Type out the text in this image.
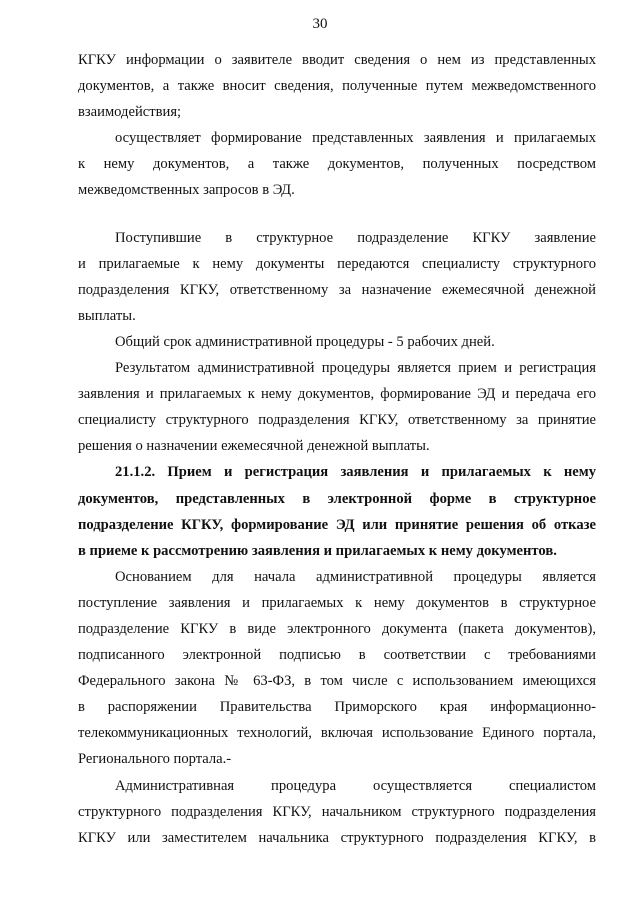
30
КГКУ информации о заявителе вводит сведения о нем из представленных
документов, а также вносит сведения, полученные путем межведомственного
взаимодействия;
осуществляет формирование представленных заявления и прилагаемых
к нему документов, а также документов, полученных посредством
межведомственных запросов в ЭД.
Поступившие в структурное подразделение КГКУ заявление
и прилагаемые к нему документы передаются специалисту структурного
подразделения КГКУ, ответственному за назначение ежемесячной денежной
выплаты.
Общий срок административной процедуры - 5 рабочих дней.
Результатом административной процедуры является прием и регистрация
заявления и прилагаемых к нему документов, формирование ЭД и передача его
специалисту структурного подразделения КГКУ, ответственному за принятие
решения о назначении ежемесячной денежной выплаты.
21.1.2. Прием и регистрация заявления и прилагаемых к нему
документов, представленных в электронной форме в структурное
подразделение КГКУ, формирование ЭД или принятие решения об отказе
в приеме к рассмотрению заявления и прилагаемых к нему документов.
Основанием для начала административной процедуры является
поступление заявления и прилагаемых к нему документов в структурное
подразделение КГКУ в виде электронного документа (пакета документов),
подписанного электронной подписью в соответствии с требованиями
Федерального закона № 63-ФЗ, в том числе с использованием имеющихся
в распоряжении Правительства Приморского края информационно-
телекоммуникационных технологий, включая использование Единого портала,
Регионального портала.-
Административная процедура осуществляется специалистом
структурного подразделения КГКУ, начальником структурного подразделения
КГКУ или заместителем начальника структурного подразделения КГКУ, в
